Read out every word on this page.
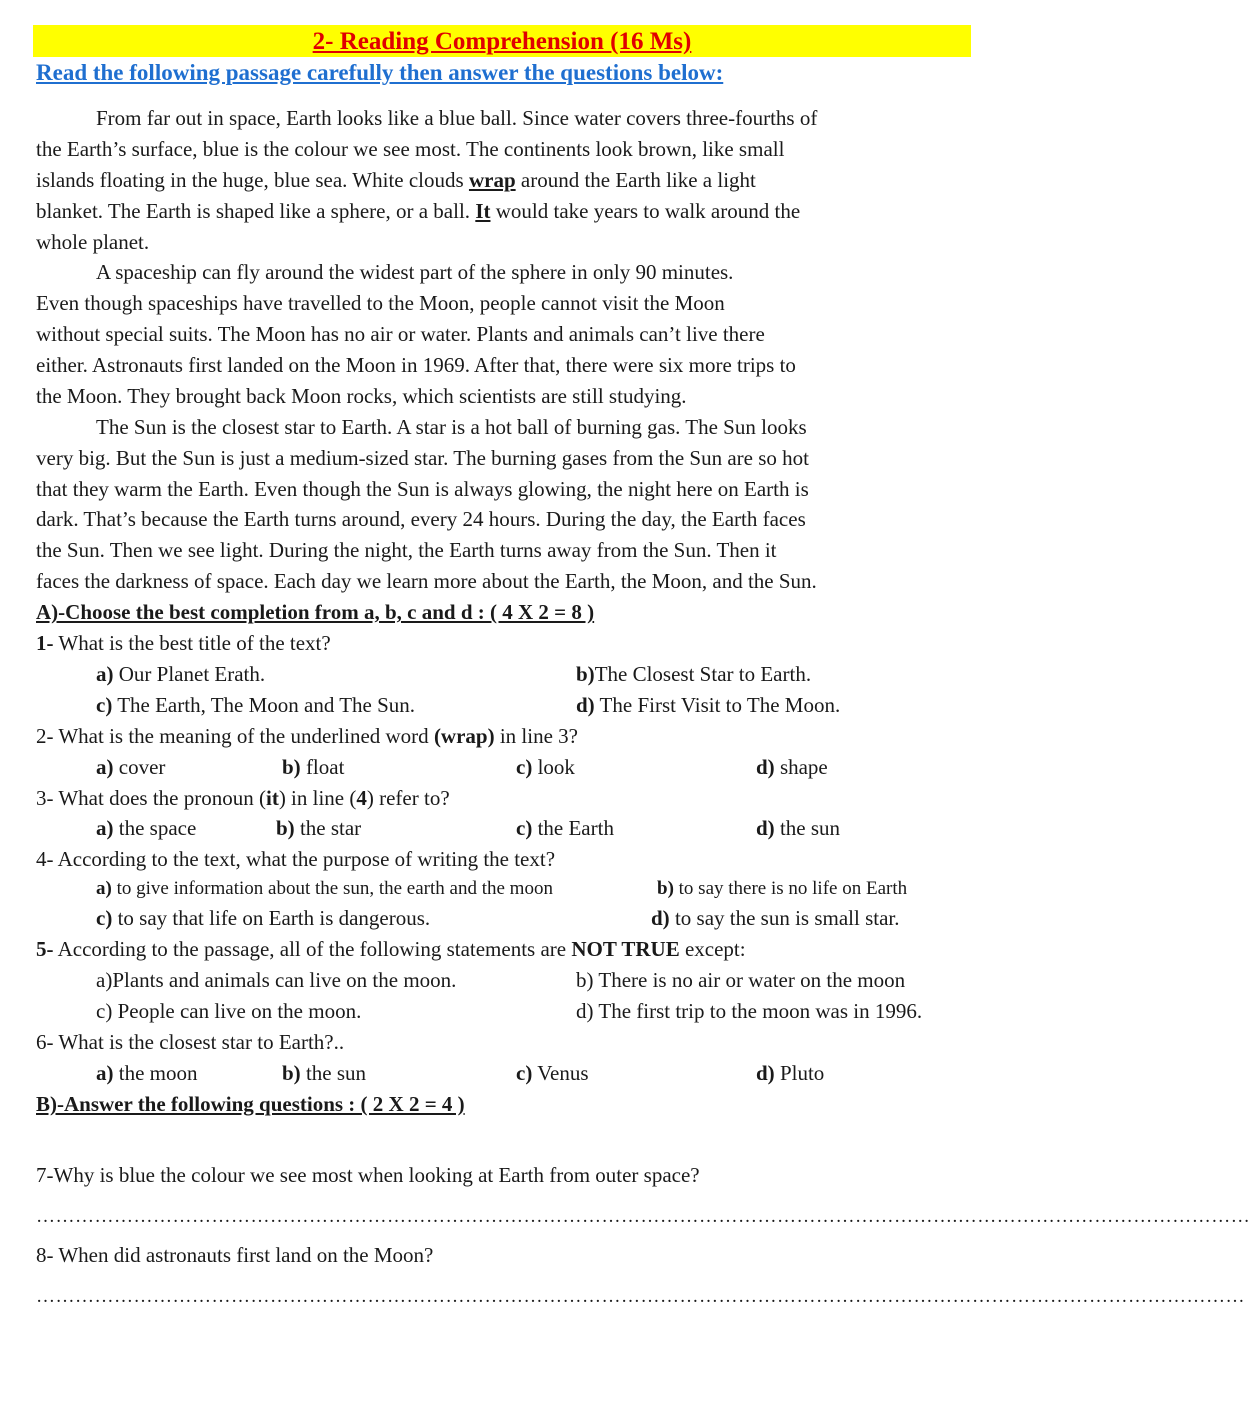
2- Reading Comprehension (16 Ms)
Read the following passage carefully then answer the questions below:
From far out in space, Earth looks like a blue ball. Since water covers three-fourths of
the Earth’s surface, blue is the colour we see most. The continents look brown, like small
islands floating in the huge, blue sea. White clouds wrap around the Earth like a light
blanket. The Earth is shaped like a sphere, or a ball. It would take years to walk around the
whole planet.
A spaceship can fly around the widest part of the sphere in only 90 minutes.
Even though spaceships have travelled to the Moon, people cannot visit the Moon
without special suits. The Moon has no air or water. Plants and animals can’t live there
either. Astronauts first landed on the Moon in 1969. After that, there were six more trips to
the Moon. They brought back Moon rocks, which scientists are still studying.
The Sun is the closest star to Earth. A star is a hot ball of burning gas. The Sun looks
very big. But the Sun is just a medium-sized star. The burning gases from the Sun are so hot
that they warm the Earth. Even though the Sun is always glowing, the night here on Earth is
dark. That’s because the Earth turns around, every 24 hours. During the day, the Earth faces
the Sun. Then we see light. During the night, the Earth turns away from the Sun. Then it
faces the darkness of space. Each day we learn more about the Earth, the Moon, and the Sun.
A)-Choose the best completion from a, b, c and d : ( 4 X 2 = 8 )
1- What is the best title of the text?
a) Our Planet Erath.	b)The Closest Star to Earth.
c) The Earth, The Moon and The Sun.	d) The First Visit to The Moon.
2- What is the meaning of the underlined word (wrap) in line 3?
a) cover	b) float	c) look	d) shape
3- What does the pronoun (it) in line (4) refer to?
a) the space	b) the star	c) the Earth	d) the sun
4- According to the text, what the purpose of writing the text?
a) to give information about the sun, the earth and the moon	b) to say there is no life on Earth
c) to say that life on Earth is dangerous.	d) to say the sun is small star.
5- According to the passage, all of the following statements are NOT TRUE except:
a)Plants and animals can live on the moon.	b) There is no air or water on the moon
c) People can live on the moon.	d) The first trip to the moon was in 1996.
6- What is the closest star to Earth?..
a) the moon	b) the sun	c) Venus	d) Pluto
B)-Answer the following questions : ( 2 X 2 = 4 )
7-Why is blue the colour we see most when looking at Earth from outer space?
…………………………………………………………………………………………………………………………….………………………………………
8- When did astronauts first land on the Moon?
……………………………………………………………………………………………………………………………………………………………………
